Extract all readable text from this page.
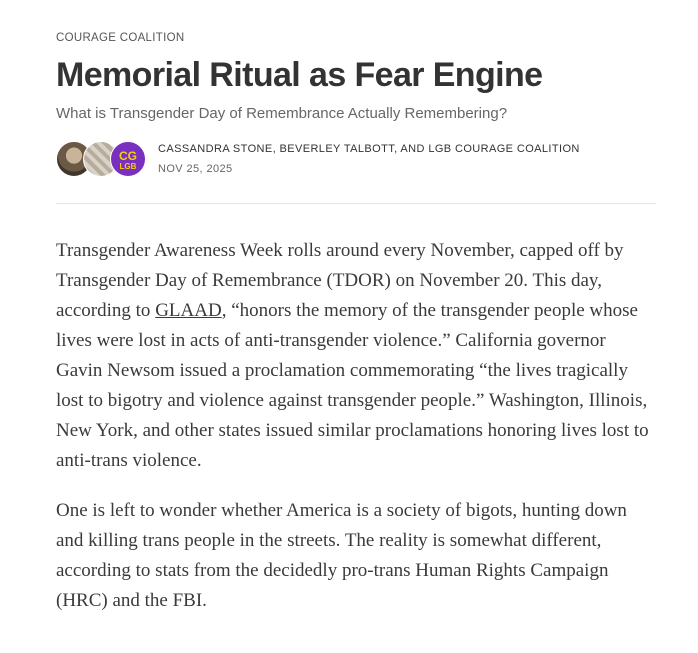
COURAGE COALITION
Memorial Ritual as Fear Engine
What is Transgender Day of Remembrance Actually Remembering?
CG
LGB
CASSANDRA STONE, BEVERLEY TALBOTT, AND LGB COURAGE COALITION
NOV 25, 2025

Transgender Awareness Week rolls around every November, capped off by Transgender Day of Remembrance (TDOR) on November 20. This day, according to GLAAD, “honors the memory of the transgender people whose lives were lost in acts of anti-transgender violence.” California governor Gavin Newsom issued a proclamation commemorating “the lives tragically lost to bigotry and violence against transgender people.” Washington, Illinois, New York, and other states issued similar proclamations honoring lives lost to anti-trans violence.

One is left to wonder whether America is a society of bigots, hunting down and killing trans people in the streets. The reality is somewhat different, according to stats from the decidedly pro-trans Human Rights Campaign (HRC) and the FBI.
